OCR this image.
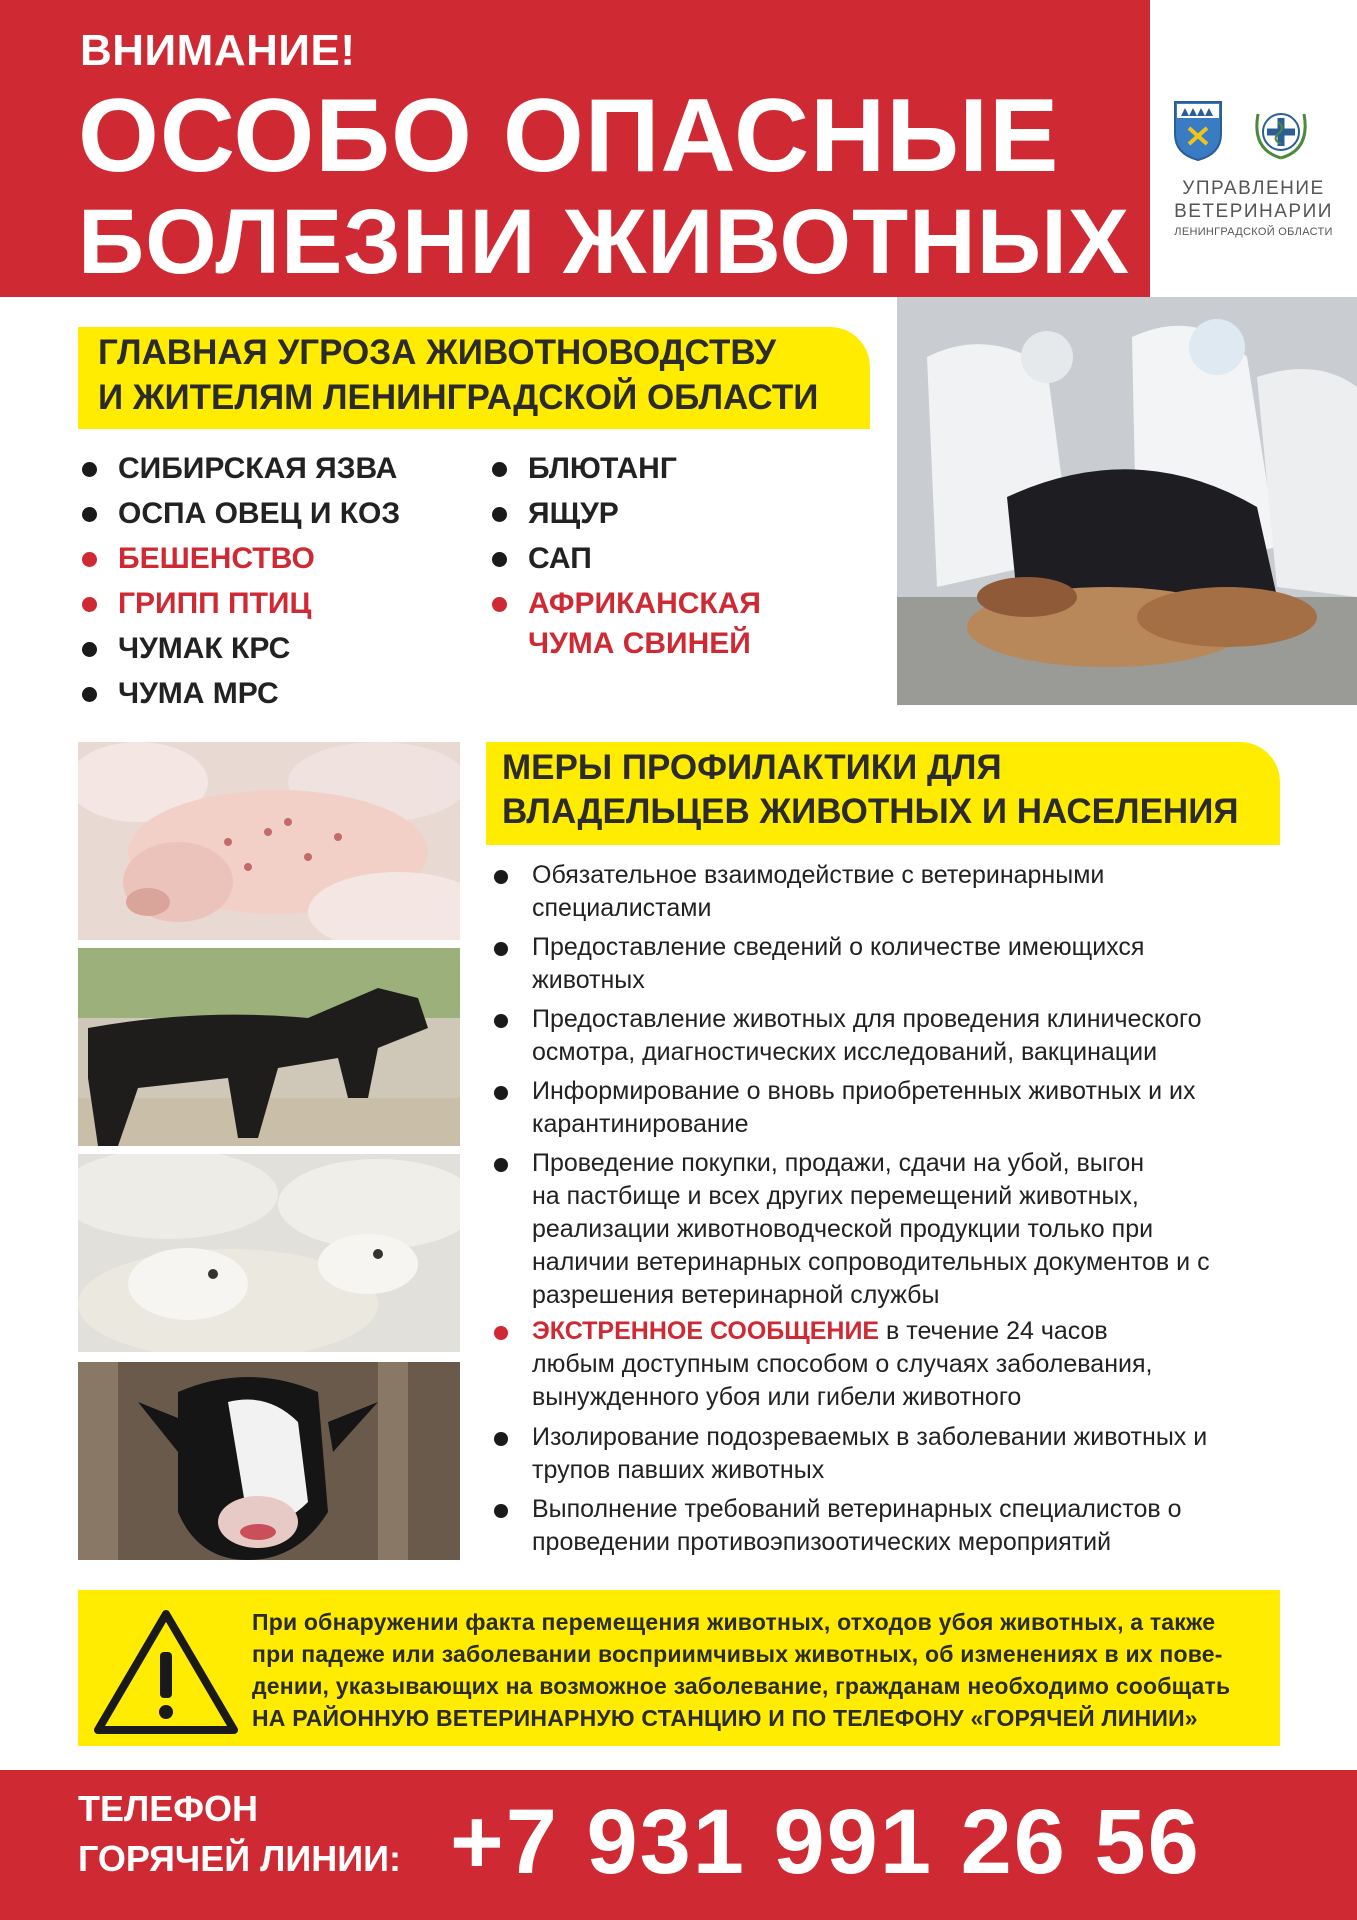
ВНИМАНИЕ!
ОСОБО ОПАСНЫЕ
БОЛЕЗНИ ЖИВОТНЫХ
УПРАВЛЕНИЕ
ВЕТЕРИНАРИИ
ЛЕНИНГРАДСКОЙ ОБЛАСТИ
ГЛАВНАЯ УГРОЗА ЖИВОТНОВОДСТВУ
И ЖИТЕЛЯМ ЛЕНИНГРАДСКОЙ ОБЛАСТИ
СИБИРСКАЯ ЯЗВА
ОСПА ОВЕЦ И КОЗ
БЕШЕНСТВО
ГРИПП ПТИЦ
ЧУМАК КРС
ЧУМА МРС
БЛЮТАНГ
ЯЩУР
САП
АФРИКАНСКАЯ
ЧУМА СВИНЕЙ
МЕРЫ ПРОФИЛАКТИКИ ДЛЯ
ВЛАДЕЛЬЦЕВ ЖИВОТНЫХ И НАСЕЛЕНИЯ
Обязательное взаимодействие с ветеринарными
специалистами
Предоставление сведений о количестве имеющихся
животных
Предоставление животных для проведения клинического
осмотра, диагностических исследований, вакцинации
Информирование о вновь приобретенных животных и их
карантинирование
Проведение покупки, продажи, сдачи на убой, выгон
на пастбище и всех других перемещений животных,
реализации животноводческой продукции только при
наличии ветеринарных сопроводительных документов и с
разрешения ветеринарной службы
ЭКСТРЕННОЕ СООБЩЕНИЕ в течение 24 часов
любым доступным способом о случаях заболевания,
вынужденного убоя или гибели животного
Изолирование подозреваемых в заболевании животных и
трупов павших животных
Выполнение требований ветеринарных специалистов о
проведении противоэпизоотических мероприятий
При обнаружении факта перемещения животных, отходов убоя животных, а также
при падеже или заболевании восприимчивых животных, об изменениях в их пове-
дении, указывающих на возможное заболевание, гражданам необходимо сообщать
НА РАЙОННУЮ ВЕТЕРИНАРНУЮ СТАНЦИЮ И ПО ТЕЛЕФОНУ «ГОРЯЧЕЙ ЛИНИИ»
ТЕЛЕФОН
ГОРЯЧЕЙ ЛИНИИ: +7 931 991 26 56
